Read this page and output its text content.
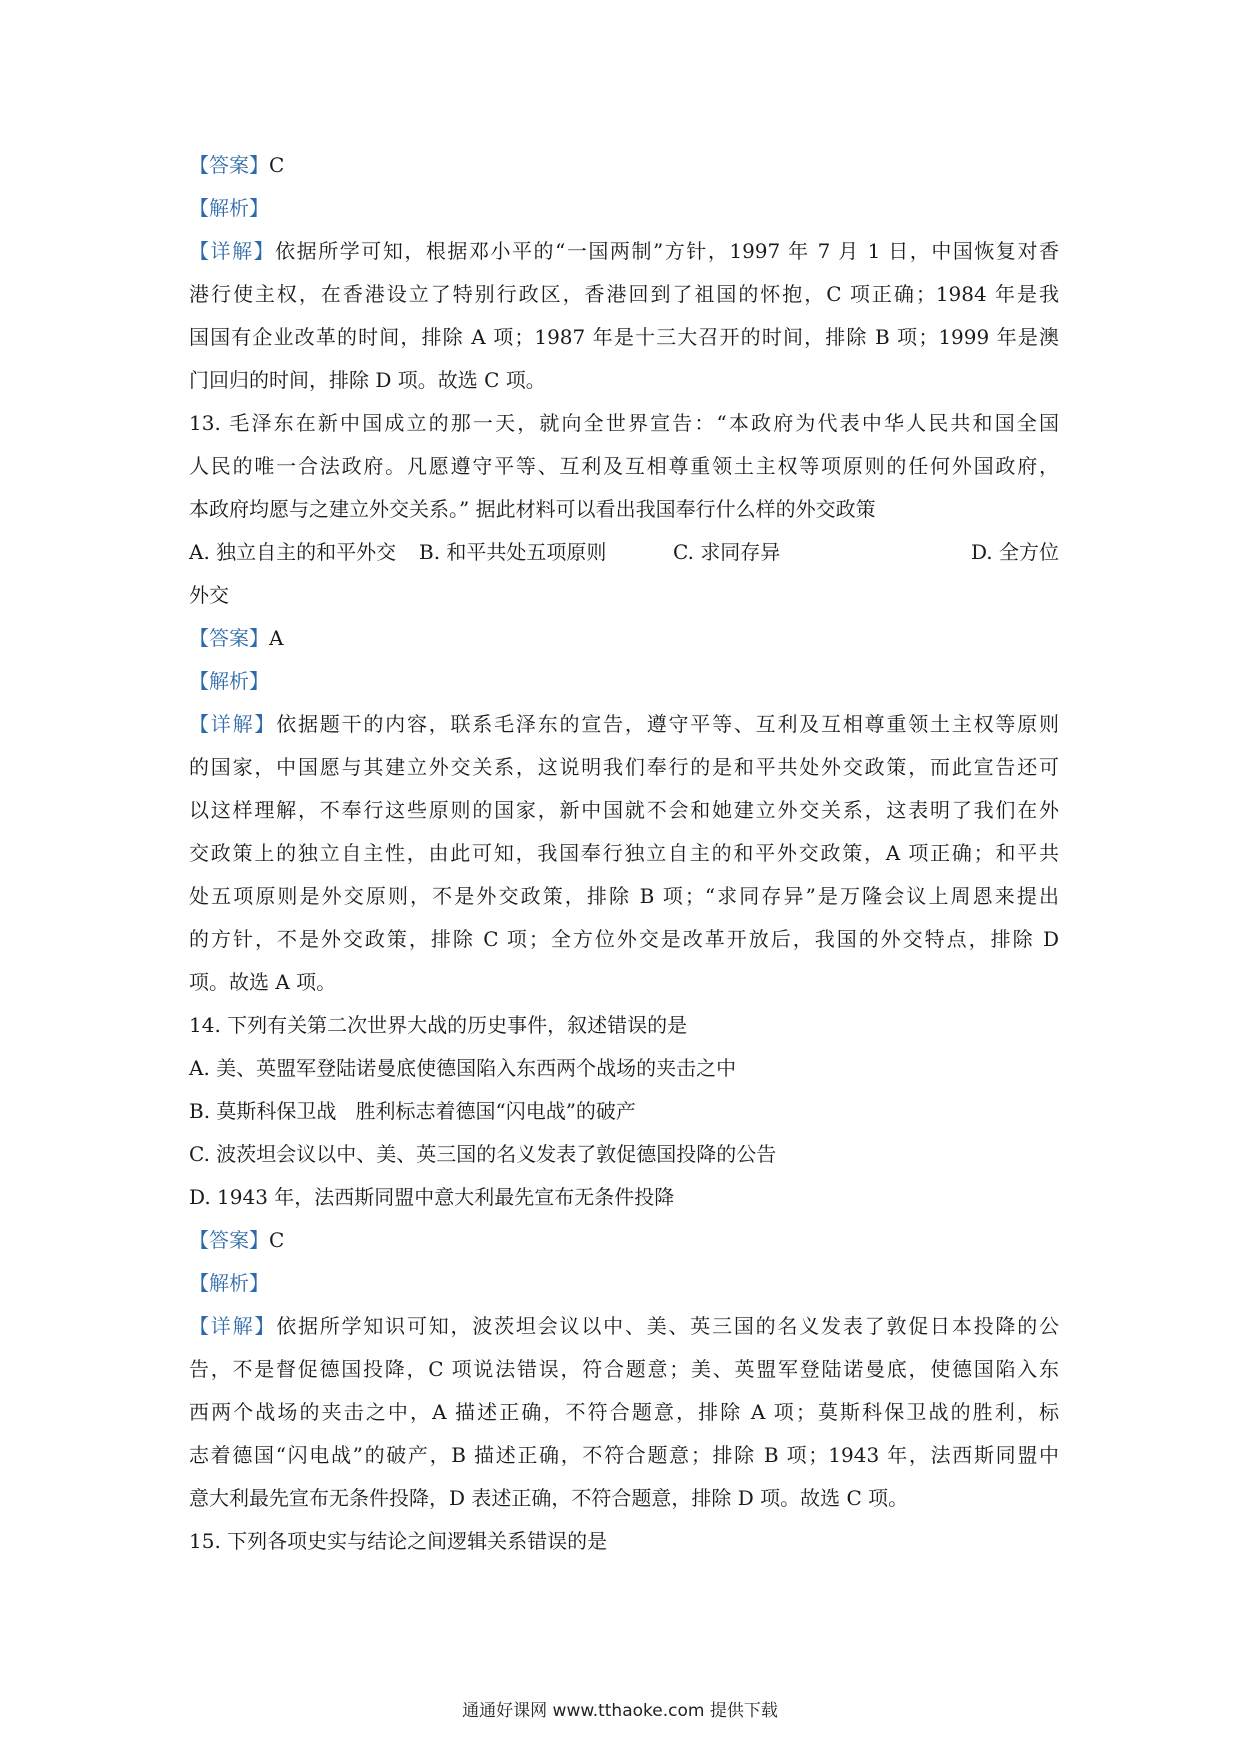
【答案】C
【解析】
【详解】依据所学可知，根据邓小平的“一国两制”方针，1997 年 7 月 1 日，中国恢复对香
港行使主权，在香港设立了特别行政区，香港回到了祖国的怀抱，C 项正确；1984 年是我
国国有企业改革的时间，排除 A 项；1987 年是十三大召开的时间，排除 B 项；1999 年是澳
门回归的时间，排除 D 项。故选 C 项。
13. 毛泽东在新中国成立的那一天，就向全世界宣告：“本政府为代表中华人民共和国全国
人民的唯一合法政府。凡愿遵守平等、互利及互相尊重领土主权等项原则的任何外国政府，
本政府均愿与之建立外交关系。” 据此材料可以看出我国奉行什么样的外交政策
A. 独立自主的和平外交	B. 和平共处五项原则	C. 求同存异	D. 全方位
外交
【答案】A
【解析】
【详解】依据题干的内容，联系毛泽东的宣告，遵守平等、互利及互相尊重领土主权等原则
的国家，中国愿与其建立外交关系，这说明我们奉行的是和平共处外交政策，而此宣告还可
以这样理解，不奉行这些原则的国家，新中国就不会和她建立外交关系，这表明了我们在外
交政策上的独立自主性，由此可知，我国奉行独立自主的和平外交政策，A 项正确；和平共
处五项原则是外交原则，不是外交政策，排除 B 项；“求同存异”是万隆会议上周恩来提出
的方针，不是外交政策，排除 C 项；全方位外交是改革开放后，我国的外交特点，排除 D
项。故选 A 项。
14. 下列有关第二次世界大战的历史事件，叙述错误的是
A. 美、英盟军登陆诺曼底使德国陷入东西两个战场的夹击之中
B. 莫斯科保卫战   胜利标志着德国“闪电战”的破产
C. 波茨坦会议以中、美、英三国的名义发表了敦促德国投降的公告
D. 1943 年，法西斯同盟中意大利最先宣布无条件投降
【答案】C
【解析】
【详解】依据所学知识可知，波茨坦会议以中、美、英三国的名义发表了敦促日本投降的公
告，不是督促德国投降，C 项说法错误，符合题意；美、英盟军登陆诺曼底，使德国陷入东
西两个战场的夹击之中，A 描述正确，不符合题意，排除 A 项；莫斯科保卫战的胜利，标
志着德国“闪电战”的破产，B 描述正确，不符合题意；排除 B 项；1943 年，法西斯同盟中
意大利最先宣布无条件投降，D 表述正确，不符合题意，排除 D 项。故选 C 项。
15. 下列各项史实与结论之间逻辑关系错误的是
通通好课网 www.tthaoke.com 提供下载
